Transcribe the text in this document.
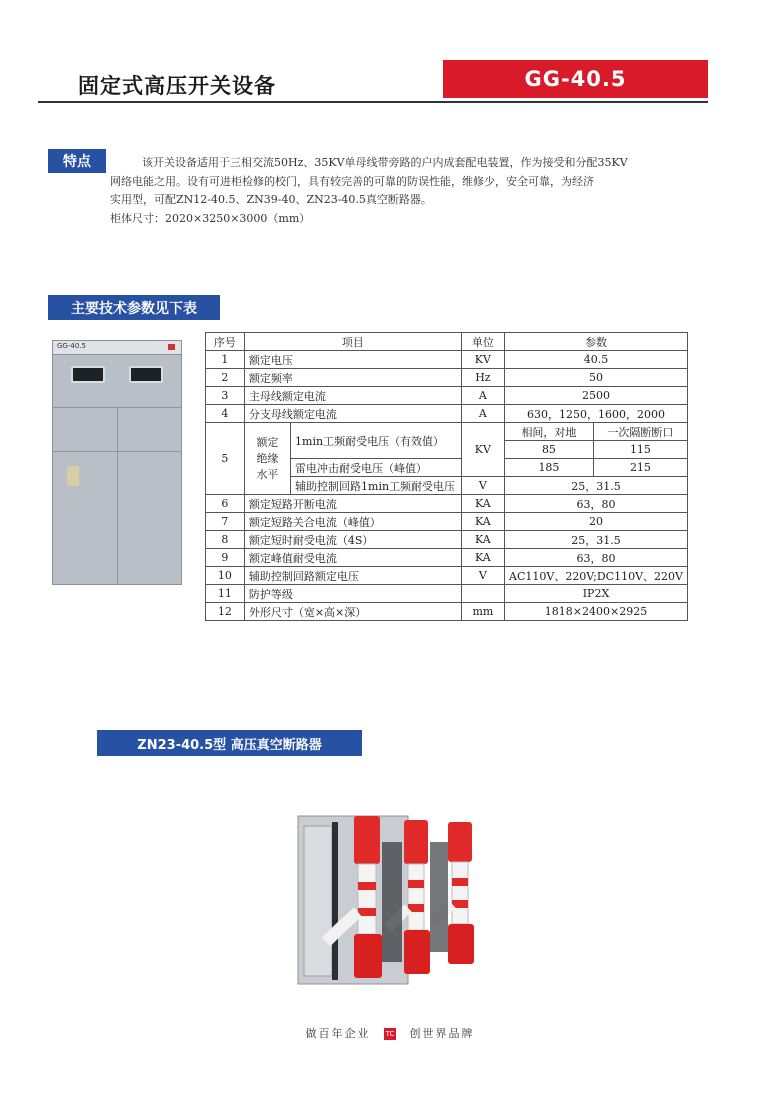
固定式高压开关设备	GG-40.5
特点	该开关设备适用于三相交流50Hz、35KV单母线带旁路的户内成套配电装置，作为接受和分配35KV

网络电能之用。设有可进柜检修的校门，具有较完善的可靠的防误性能，维修少，安全可靠，为经济

实用型，可配ZN12-40.5、ZN39-40、ZN23-40.5真空断路器。

柜体尺寸：2020×3250×3000（mm）

主要技术参数见下表
GG-40.5	序号	项目		单位	参数	
1	额定电压		KV	40.5	
2	额定频率		Hz	50	
3	主母线额定电流		A	2500	
4	分支母线额定电流		A	630，1250，1600，2000	
5	额定
绝缘
水平	1min工频耐受电压（有效值）	KV	相间，对地	一次隔断断口
				85	115
		雷电冲击耐受电压（峰值）		185	215

		辅助控制回路1min工频耐受电压	V	25，31.5	
6	额定短路开断电流		KA	63，80	
7	额定短路关合电流（峰值）		KA	20	
8	额定短时耐受电流（4S）		KA	25，31.5	
9	额定峰值耐受电流		KA	63，80	
10	辅助控制回路额定电压		V	AC110V、220V;DC110V、220V	
11	防护等级			IP2X	
12	外形尺寸（宽×高×深）		mm	1818×2400×2925	
ZN23-40.5型 高压真空断路器
做百年企业 TC 创世界品牌
